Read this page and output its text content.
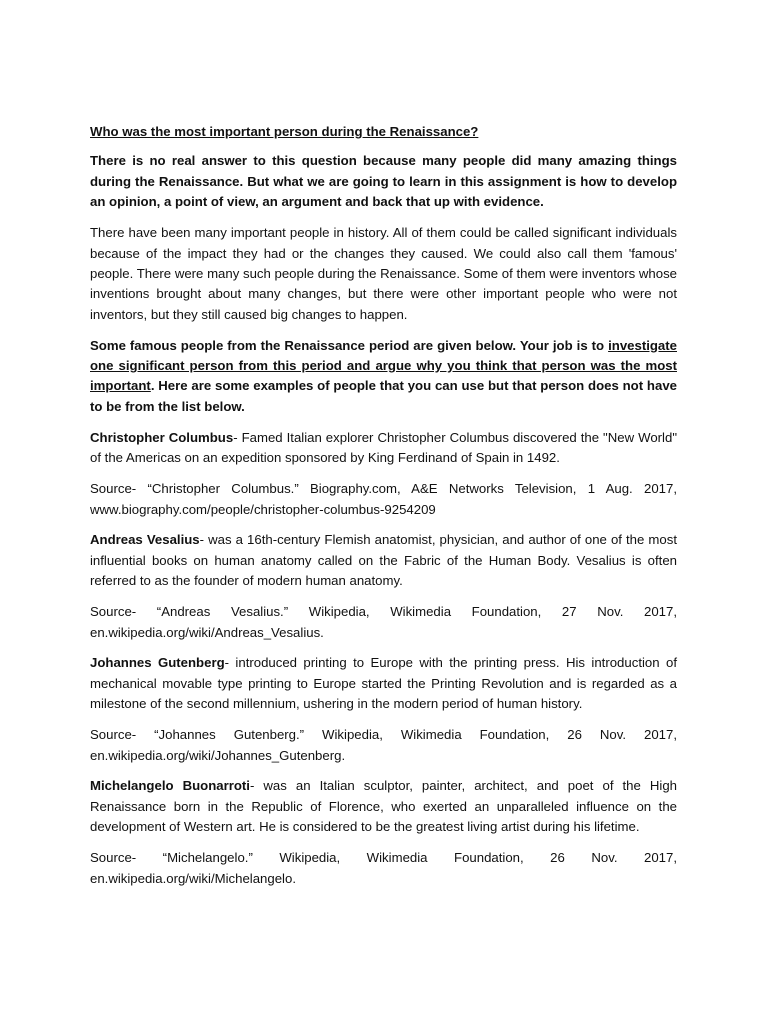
Who was the most important person during the Renaissance?

There is no real answer to this question because many people did many amazing things during the Renaissance. But what we are going to learn in this assignment is how to develop an opinion, a point of view, an argument and back that up with evidence.

There have been many important people in history. All of them could be called significant individuals because of the impact they had or the changes they caused. We could also call them 'famous' people. There were many such people during the Renaissance. Some of them were inventors whose inventions brought about many changes, but there were other important people who were not inventors, but they still caused big changes to happen.

Some famous people from the Renaissance period are given below. Your job is to investigate one significant person from this period and argue why you think that person was the most important. Here are some examples of people that you can use but that person does not have to be from the list below.

Christopher Columbus- Famed Italian explorer Christopher Columbus discovered the "New World" of the Americas on an expedition sponsored by King Ferdinand of Spain in 1492.

Source- “Christopher Columbus.” Biography.com, A&E Networks Television, 1 Aug. 2017,
www.biography.com/people/christopher-columbus-9254209

Andreas Vesalius- was a 16th-century Flemish anatomist, physician, and author of one of the most influential books on human anatomy called on the Fabric of the Human Body. Vesalius is often referred to as the founder of modern human anatomy.

Source- “Andreas Vesalius.” Wikipedia, Wikimedia Foundation, 27 Nov. 2017,
en.wikipedia.org/wiki/Andreas_Vesalius.

Johannes Gutenberg- introduced printing to Europe with the printing press. His introduction of mechanical movable type printing to Europe started the Printing Revolution and is regarded as a milestone of the second millennium, ushering in the modern period of human history.

Source- “Johannes Gutenberg.” Wikipedia, Wikimedia Foundation, 26 Nov. 2017,
en.wikipedia.org/wiki/Johannes_Gutenberg.

Michelangelo Buonarroti- was an Italian sculptor, painter, architect, and poet of the High Renaissance born in the Republic of Florence, who exerted an unparalleled influence on the development of Western art. He is considered to be the greatest living artist during his lifetime.

Source- “Michelangelo.” Wikipedia, Wikimedia Foundation, 26 Nov. 2017,
en.wikipedia.org/wiki/Michelangelo.
